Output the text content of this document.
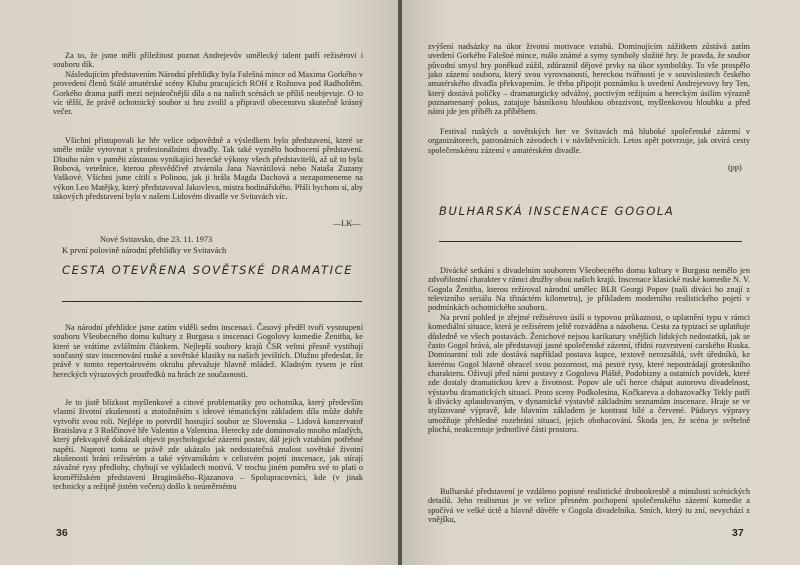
Za to, že jsme měli příležitost poznat Andrejevův umělecký talent patří režisérovi i souboru dík.
Následujícím představením Národní přehlídky byla Falešná mince od Maxima Gorkého v provedení členů Stálé amatérské scény Klubu pracujících ROH z Rožnova pod Radhoštěm. Gorkého drama patří mezi nejnáročnější díla a na našich scénách se příliš neobjevuje. O to víc těšší, že právě ochotnický soubor si hru zvolil a připravil obecenstvu skutečně krásný večer.
Všichni přistupovali ke hře velice odpovědně a výsledkem bylo představení, které se směle může vyrovnat s profesionálními divadly. Tak také vyznělo hodnocení představení. Dlouho nám v paměti zůstanou vynikající herecké výkony všech představitelů, až už to byla Bobová, vetešnice, kterou přesvědčivě ztvárnila Jana Navrátilová nebo Nataša Zuzany Vaškové. Všichni jsme cítili s Polinou, jak ji hrála Magda Dachová a nezapomeneme na výkon Leo Matějky, který představoval Jakovleva, mistra hodinářského. Přáli bychom si, aby takových představení bylo v našem Lidovém divadle ve Svitavách víc.
—LK—
Nové Svitavsko, dne 23. 11. 1973
K první polovině národní přehlídky ve Svitavách
CESTA OTEVŘENA SOVĚTSKÉ DRAMATICE
Na národní přehlídce jsme zatím viděli sedm inscenací. Časový předěl tvoří vystoupení souboru Všeobecného domu kultury z Burgasu s inscenací Gogolovy komedie Ženitba, ke které se vrátíme zvláštním článkem. Nejlepší soubory krajů ČSR velmi přesně vystihují současný stav inscenování ruské a sovětské klasiky na našich jevištích. Dlužno předeslat, že právě v tomto repertoárovém okruhu převažuje hlavně mládež. Kladným rysem je růst hereckých výrazových prostředků na hrách ze současnosti.
Je to jistě blízkost myšlenkové a citové problematiky pro ochotníka, který především vlastní životní zkušeností a ztotožněním s ideové tématickým základem díla může dobře vytvořit svou roli. Nejlépe to potvrdil hostující soubor ze Slovenska – Lidová konzervatoř Bratislava z 3 Roščinové hře Valentin a Valentina. Herecky zde dominovalo mnoho mladých, který překvapivě dokázali objevit psychologické zázemí postav, dál jejich vztahům potřebné napětí. Naproti tomu se právě zde ukázalo jak nedostatečná znalost sovětské životní zkušenosti brání režisérům a také výtvarníkům v celistvém pojetí inscenace, jak stírají závažné rysy předlohy, chybují ve výkladech motivů. V trochu jiném poměru své to platí o kroměřížském představení Braginského–Rjazanova – Spolupracovníci, kde (v jinak technicky a režijně jistém večeru) došlo k neúměrnému
36
zvýšení nadsázky na úkor životní motivace vztahů. Dominujícím zážitkem zůstává zatím uvedení Gorkého Falešné mince, málo známé a symy symboly složité hry. Je pravda, že soubor původní smysl hry poněkud zúžil, zdůraznil dějové prvky na úkor symboliky. To vše prospělo jako zázemí souboru, který svou vyrovnaností, hereckou tvářností je v souvislostech českého amatérského divadla překvapením. Je třeba připojit poznámku k uvedení Andrejevovy hry Ten, který dostává políčky – dramaturgicky odvážný, poctivým režijním a hereckým úsilím výrazně poznamenaný pokus, zatajuje básníkovu hloubkou obrazivost, myšlenkovou hloubku a před námi jde jen příběh za příběhem.
Festival ruských a sovětských her ve Svitavách má hluboké společenské zázemí v organizátorech, patronátních závodech i v návštěvnících. Letos opět potvrzuje, jak otvírá cesty společenskému zázemí v amatérském divadle.
(pp)
BULHARSKÁ INSCENACE GOGOLA
Divácké setkání s divadelním souborem Všeobecného domu kultury v Burgasu nemělo jen zdvořilostní charakter v rámci družby obou našich krajů. Inscenace klasické ruské komedie N. V. Gogola Ženitba, kterou režíroval národní umělec BLR Georgi Popov (naši diváci ho znají z televizního seriálu Na třináctém kilometru), je příkladem moderního realistického pojetí v podmínkách ochotnického souboru.
Na první pohled je zřejmé režisérovo úsilí o typovou průkaznost, o uplatnění typu v rámci komediální situace, která je režisérem ještě rozváděna a násobena. Cesta za typizací se uplatňuje důsledně ve všech postavách. Ženichové nejsou karikatury vnějších lidských nedostatků, jak se často Gogol hrává, ale představují jasné společenské zázemí, třídní rozvrstvení carského Ruska. Dominantní roli zde dostává například postava kupce, textově nerozsáhlá, svět úředníků, ke kterému Gogol hlavně obracel svou pozornost, má pestré rysy, které nepostrádají groteskního charakteru. Oživují před námi postavy z Gogolova Pláště, Podobizny a ostatních povídek, které zde dostaly dramatickou krev a životnost. Popov ale učí herce chápat autorovu divadelnost, výstavbu dramatických situací. Proto sceny Podkolesina, Kočkareva a dohazovačky Tekly patří k divácky aplaudovaným, v dynamické výstavbě základním seznamům inscenace. Hraje se ve stylizované výpravě, kde hlavním základem je kontrast bílé a červené. Půdorys výpravy umožňuje přehledné rozehrání situací, jejich obohacování. Škoda jen, že scéna je světelně plochá, neakcentuje jednotlivé části prostoru.
Bulharské představení je vzdáleno popisné realistické drobnokresbě a minulosti scénických detailů. Jeho realismus je ve velice přesném pochopení společenského zázemí komedie a spočívá ve velké úctě a hlavně důvěře v Gogola divadelníka. Smích, který tu zní, nevychází z vnějšku,
37
